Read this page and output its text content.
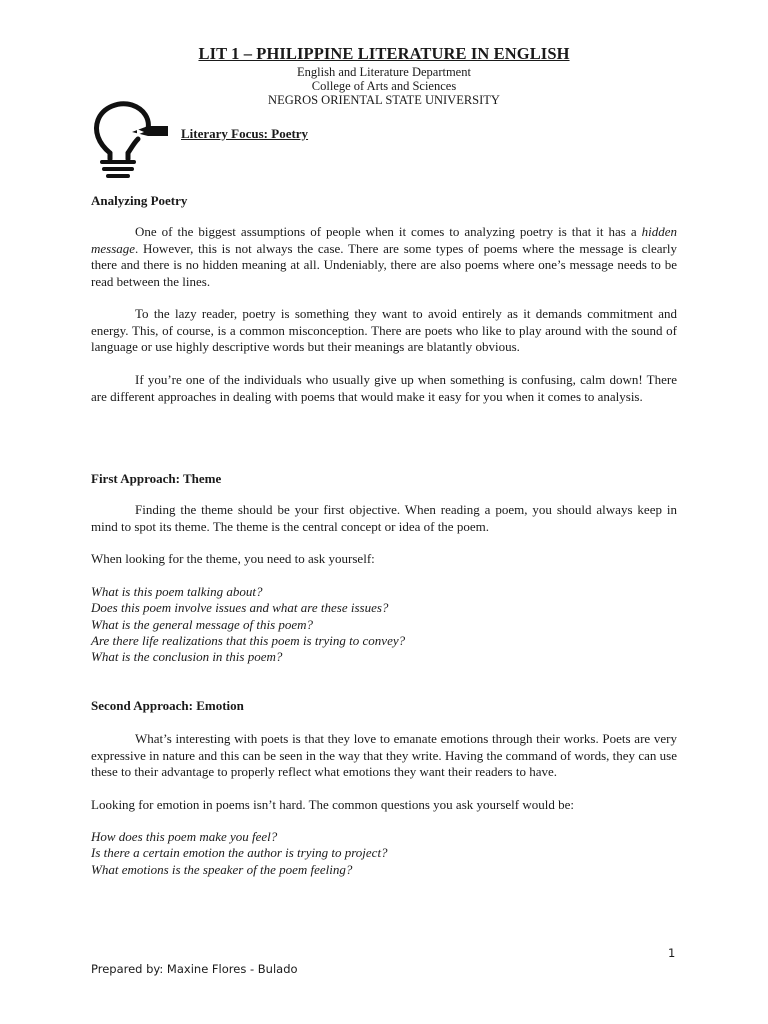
LIT 1 – PHILIPPINE LITERATURE IN ENGLISH
English and Literature Department
College of Arts and Sciences
NEGROS ORIENTAL STATE UNIVERSITY
Literary Focus: Poetry
Analyzing Poetry
One of the biggest assumptions of people when it comes to analyzing poetry is that it has a hidden message. However, this is not always the case. There are some types of poems where the message is clearly there and there is no hidden meaning at all. Undeniably, there are also poems where one’s message needs to be read between the lines.
To the lazy reader, poetry is something they want to avoid entirely as it demands commitment and energy. This, of course, is a common misconception. There are poets who like to play around with the sound of language or use highly descriptive words but their meanings are blatantly obvious.
If you’re one of the individuals who usually give up when something is confusing, calm down! There are different approaches in dealing with poems that would make it easy for you when it comes to analysis.
First Approach: Theme
Finding the theme should be your first objective. When reading a poem, you should always keep in mind to spot its theme. The theme is the central concept or idea of the poem.
When looking for the theme, you need to ask yourself:
What is this poem talking about?
Does this poem involve issues and what are these issues?
What is the general message of this poem?
Are there life realizations that this poem is trying to convey?
What is the conclusion in this poem?
Second Approach: Emotion
What’s interesting with poets is that they love to emanate emotions through their works. Poets are very expressive in nature and this can be seen in the way that they write. Having the command of words, they can use these to their advantage to properly reflect what emotions they want their readers to have.
Looking for emotion in poems isn’t hard. The common questions you ask yourself would be:
How does this poem make you feel?
Is there a certain emotion the author is trying to project?
What emotions is the speaker of the poem feeling?
1
Prepared by: Maxine Flores - Bulado
